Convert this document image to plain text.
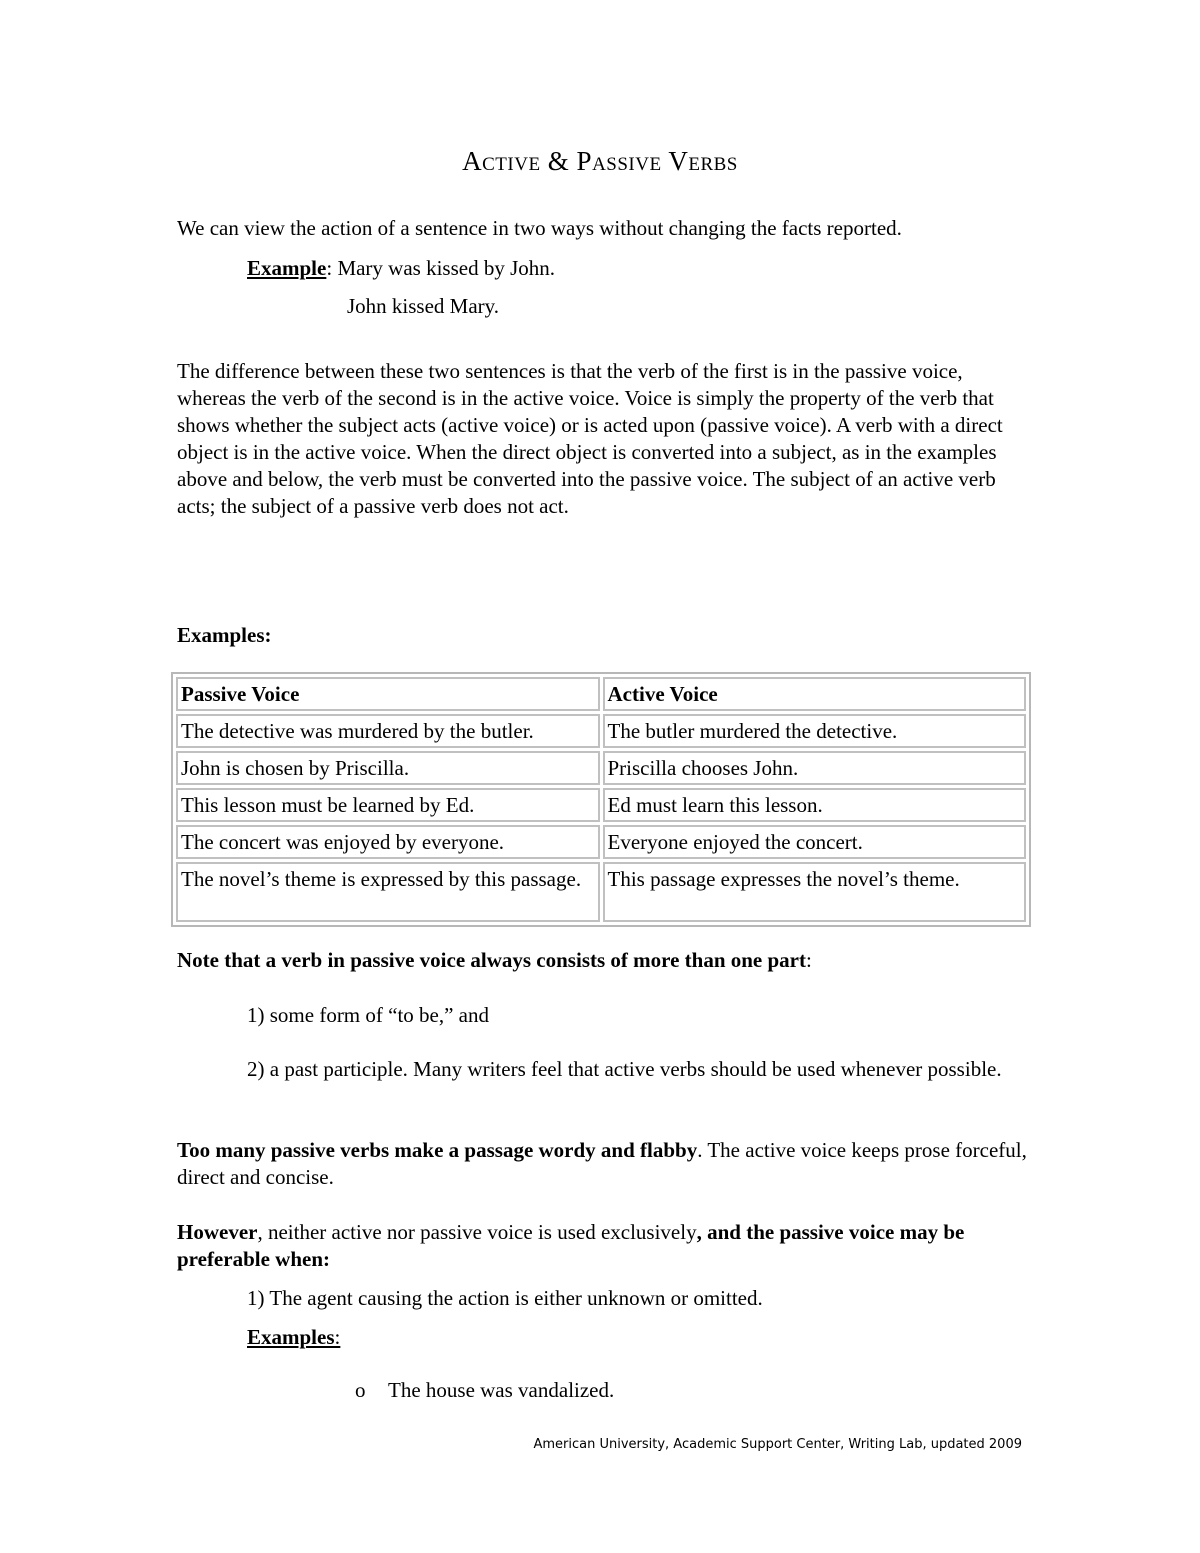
Active & Passive Verbs

We can view the action of a sentence in two ways without changing the facts reported.

Example: Mary was kissed by John.

John kissed Mary.

The difference between these two sentences is that the verb of the first is in the passive voice, whereas the verb of the second is in the active voice. Voice is simply the property of the verb that shows whether the subject acts (active voice) or is acted upon (passive voice). A verb with a direct object is in the active voice. When the direct object is converted into a subject, as in the examples above and below, the verb must be converted into the passive voice. The subject of an active verb acts; the subject of a passive verb does not act.

Examples:

Passive Voice	Active Voice
The detective was murdered by the butler.	The butler murdered the detective.
John is chosen by Priscilla.	Priscilla chooses John.
This lesson must be learned by Ed.	Ed must learn this lesson.
The concert was enjoyed by everyone.	Everyone enjoyed the concert.
The novel’s theme is expressed by this passage.	This passage expresses the novel’s theme.

Note that a verb in passive voice always consists of more than one part:

1) some form of “to be,” and

2) a past participle. Many writers feel that active verbs should be used whenever possible.

Too many passive verbs make a passage wordy and flabby. The active voice keeps prose forceful, direct and concise.

However, neither active nor passive voice is used exclusively, and the passive voice may be preferable when:

1) The agent causing the action is either unknown or omitted.

Examples:

o The house was vandalized.
American University, Academic Support Center, Writing Lab, updated 2009
